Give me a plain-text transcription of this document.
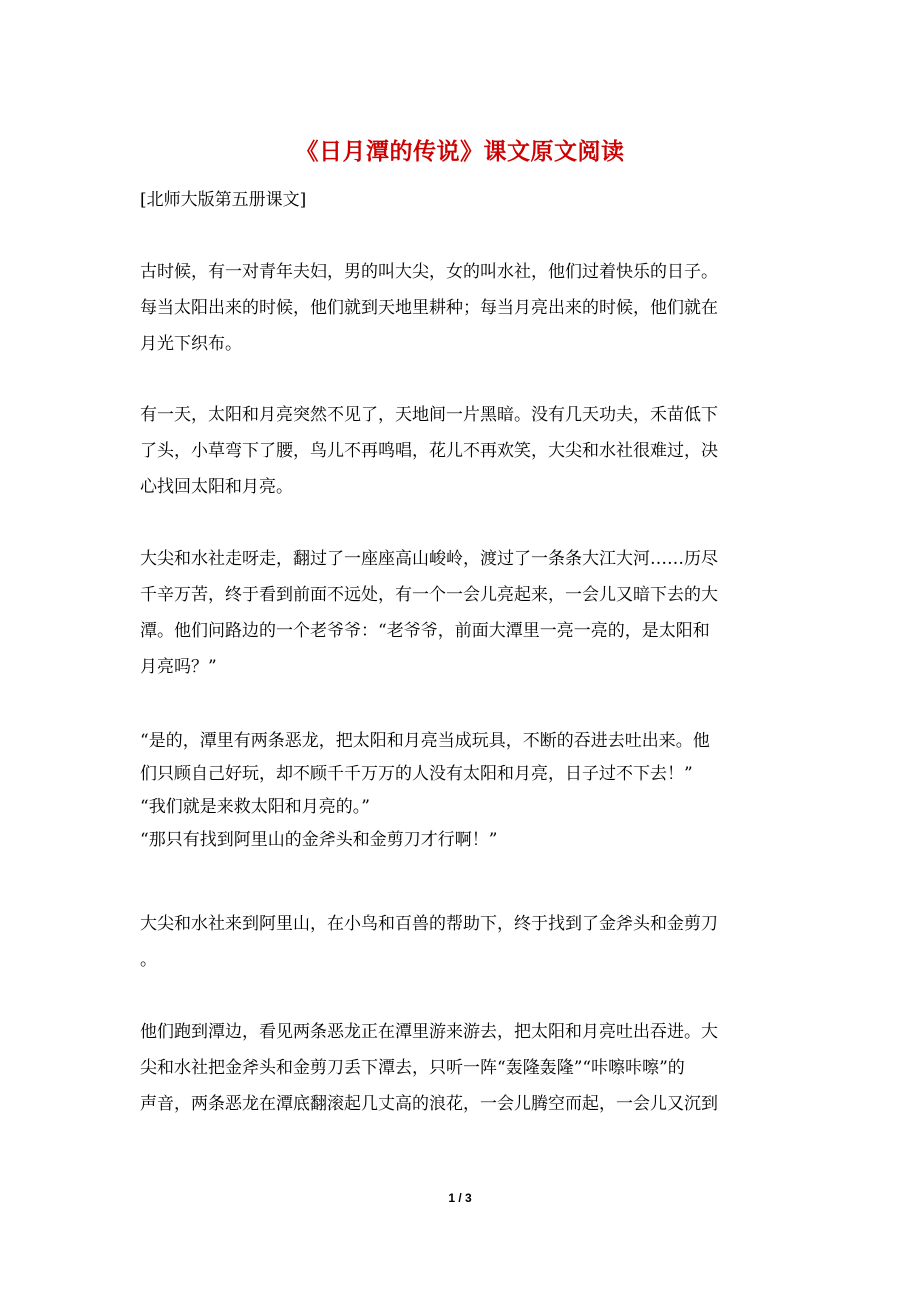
《日月潭的传说》课文原文阅读
[北师大版第五册课文]

古时候，有一对青年夫妇，男的叫大尖，女的叫水社，他们过着快乐的日子。
每当太阳出来的时候，他们就到天地里耕种；每当月亮出来的时候，他们就在
月光下织布。

有一天，太阳和月亮突然不见了，天地间一片黑暗。没有几天功夫，禾苗低下
了头，小草弯下了腰，鸟儿不再鸣唱，花儿不再欢笑，大尖和水社很难过，决
心找回太阳和月亮。

大尖和水社走呀走，翻过了一座座高山峻岭，渡过了一条条大江大河……历尽
千辛万苦，终于看到前面不远处，有一个一会儿亮起来，一会儿又暗下去的大
潭。他们问路边的一个老爷爷：“老爷爷，前面大潭里一亮一亮的，是太阳和
月亮吗？”

“是的，潭里有两条恶龙，把太阳和月亮当成玩具，不断的吞进去吐出来。他
们只顾自己好玩，却不顾千千万万的人没有太阳和月亮，日子过不下去！”
“我们就是来救太阳和月亮的。”
“那只有找到阿里山的金斧头和金剪刀才行啊！”

大尖和水社来到阿里山，在小鸟和百兽的帮助下，终于找到了金斧头和金剪刀
。

他们跑到潭边，看见两条恶龙正在潭里游来游去，把太阳和月亮吐出吞进。大
尖和水社把金斧头和金剪刀丢下潭去，只听一阵“轰隆轰隆”“咔嚓咔嚓”的
声音，两条恶龙在潭底翻滚起几丈高的浪花，一会儿腾空而起，一会儿又沉到

1 / 3
